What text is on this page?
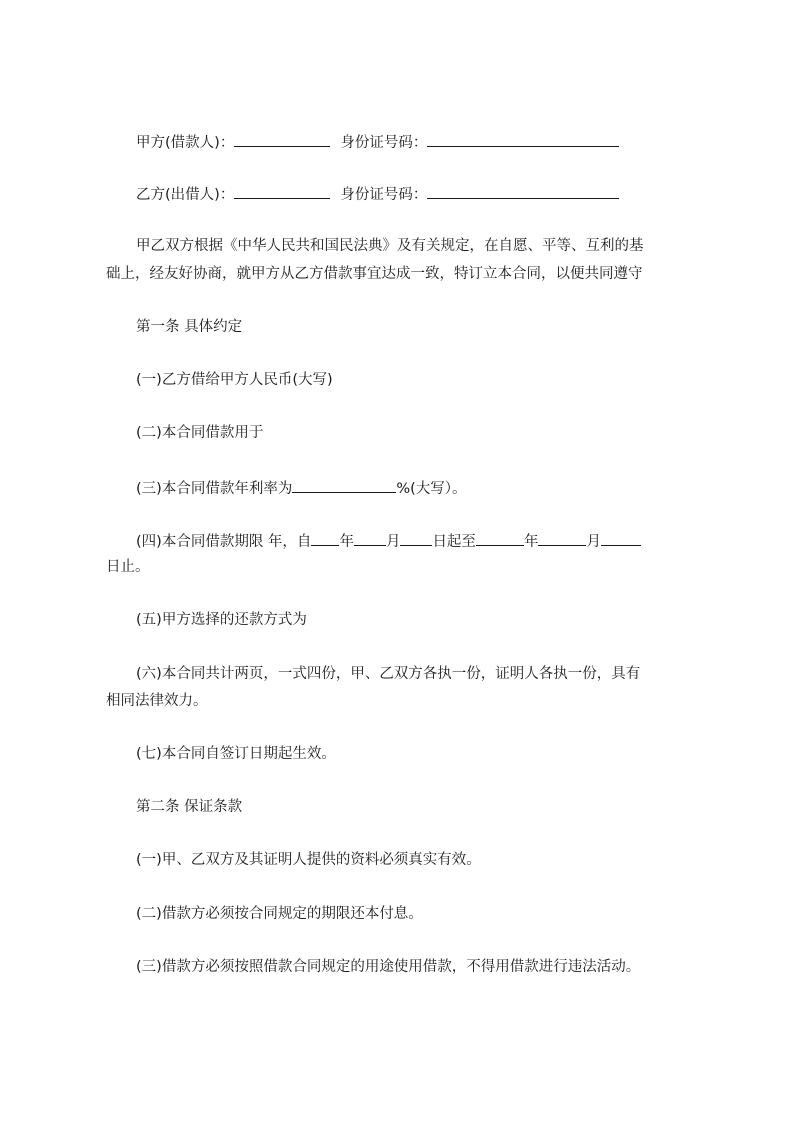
甲方(借款人)：	身份证号码：
乙方(出借人)：	身份证号码：
甲乙双方根据《中华人民共和国民法典》及有关规定，在自愿、平等、互利的基
础上，经友好协商，就甲方从乙方借款事宜达成一致，特订立本合同，以便共同遵守
第一条 具体约定
(一)乙方借给甲方人民币(大写)
(二)本合同借款用于
(三)本合同借款年利率为	%(大写）。
(四)本合同借款期限 年，自 年 月 日起至	年	月
日止。
(五)甲方选择的还款方式为
(六)本合同共计两页，一式四份，甲、乙双方各执一份，证明人各执一份，具有
相同法律效力。
(七)本合同自签订日期起生效。
第二条 保证条款
(一)甲、乙双方及其证明人提供的资料必须真实有效。
(二)借款方必须按合同规定的期限还本付息。
(三)借款方必须按照借款合同规定的用途使用借款，不得用借款进行违法活动。
